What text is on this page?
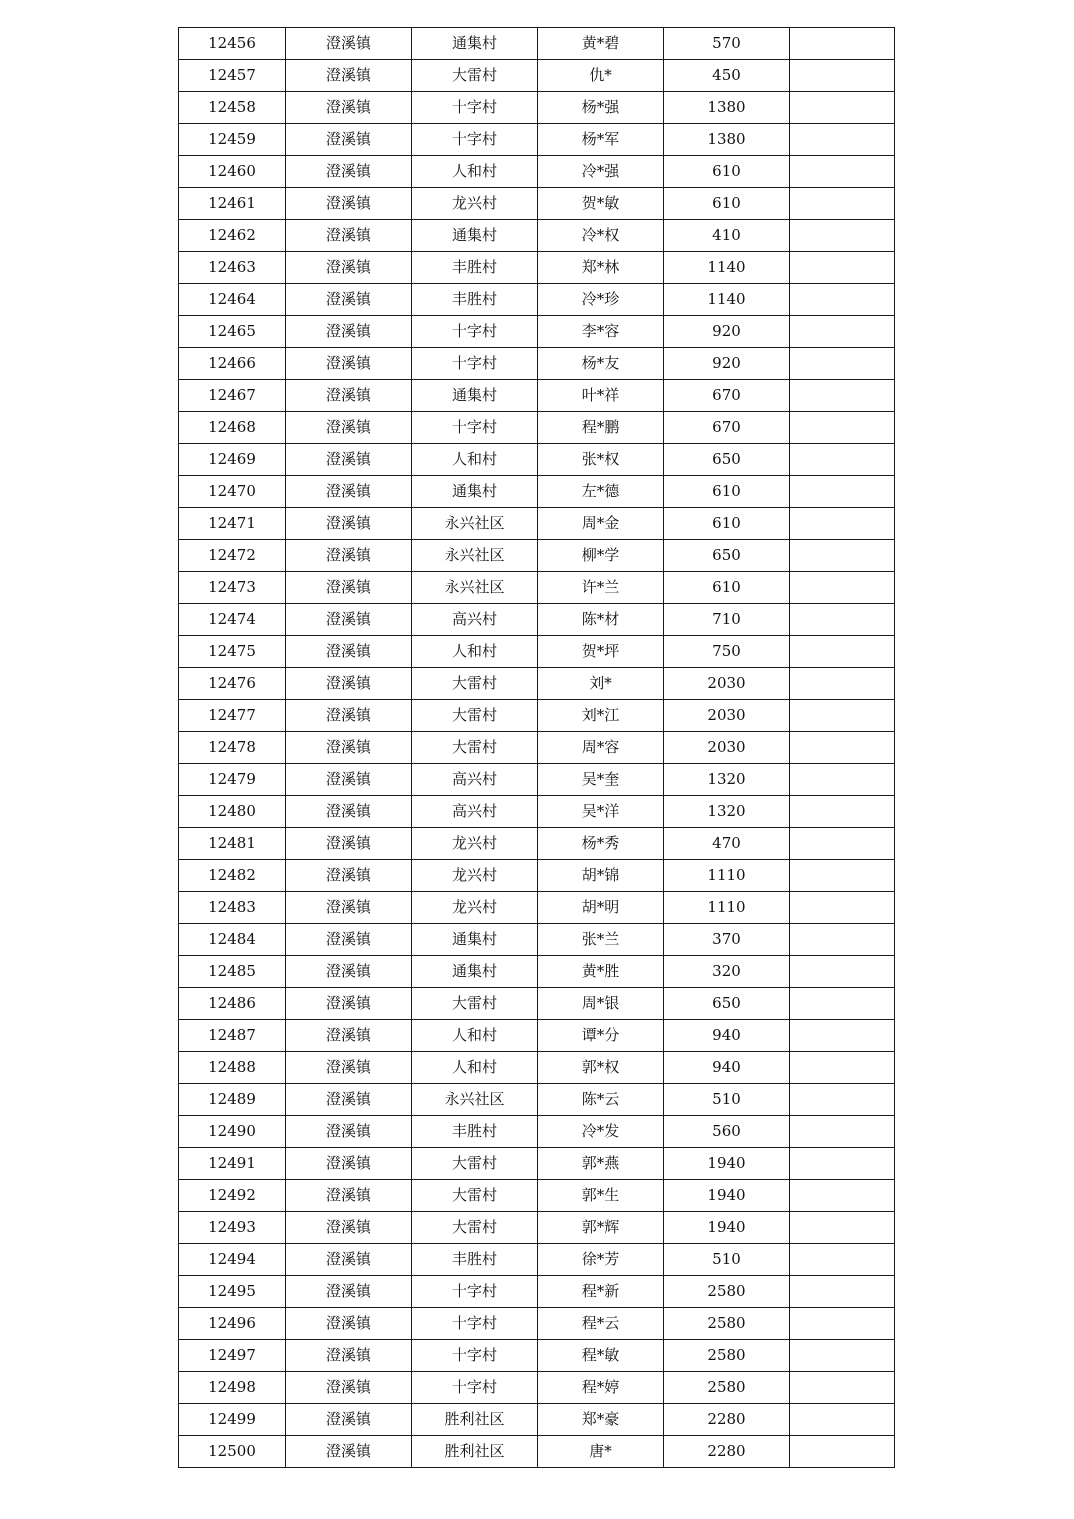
12456	澄溪镇	通集村	黄*碧	570	
12457	澄溪镇	大雷村	仇*	450	
12458	澄溪镇	十字村	杨*强	1380	
12459	澄溪镇	十字村	杨*军	1380	
12460	澄溪镇	人和村	冷*强	610	
12461	澄溪镇	龙兴村	贺*敏	610	
12462	澄溪镇	通集村	冷*权	410	
12463	澄溪镇	丰胜村	郑*林	1140	
12464	澄溪镇	丰胜村	冷*珍	1140	
12465	澄溪镇	十字村	李*容	920	
12466	澄溪镇	十字村	杨*友	920	
12467	澄溪镇	通集村	叶*祥	670	
12468	澄溪镇	十字村	程*鹏	670	
12469	澄溪镇	人和村	张*权	650	
12470	澄溪镇	通集村	左*德	610	
12471	澄溪镇	永兴社区	周*金	610	
12472	澄溪镇	永兴社区	柳*学	650	
12473	澄溪镇	永兴社区	许*兰	610	
12474	澄溪镇	高兴村	陈*材	710	
12475	澄溪镇	人和村	贺*坪	750	
12476	澄溪镇	大雷村	刘*	2030	
12477	澄溪镇	大雷村	刘*江	2030	
12478	澄溪镇	大雷村	周*容	2030	
12479	澄溪镇	高兴村	吴*奎	1320	
12480	澄溪镇	高兴村	吴*洋	1320	
12481	澄溪镇	龙兴村	杨*秀	470	
12482	澄溪镇	龙兴村	胡*锦	1110	
12483	澄溪镇	龙兴村	胡*明	1110	
12484	澄溪镇	通集村	张*兰	370	
12485	澄溪镇	通集村	黄*胜	320	
12486	澄溪镇	大雷村	周*银	650	
12487	澄溪镇	人和村	谭*分	940	
12488	澄溪镇	人和村	郭*权	940	
12489	澄溪镇	永兴社区	陈*云	510	
12490	澄溪镇	丰胜村	冷*发	560	
12491	澄溪镇	大雷村	郭*燕	1940	
12492	澄溪镇	大雷村	郭*生	1940	
12493	澄溪镇	大雷村	郭*辉	1940	
12494	澄溪镇	丰胜村	徐*芳	510	
12495	澄溪镇	十字村	程*新	2580	
12496	澄溪镇	十字村	程*云	2580	
12497	澄溪镇	十字村	程*敏	2580	
12498	澄溪镇	十字村	程*婷	2580	
12499	澄溪镇	胜利社区	郑*豪	2280	
12500	澄溪镇	胜利社区	唐*	2280	
